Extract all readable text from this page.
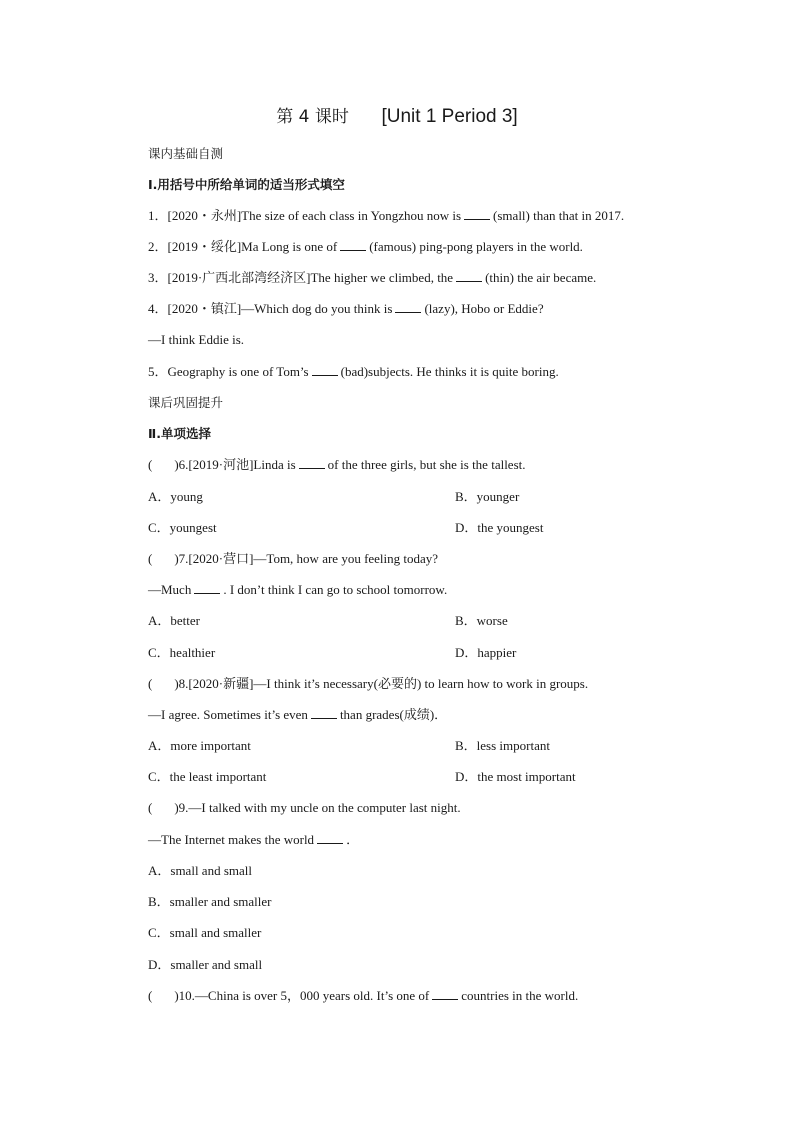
第 4 课时 [Unit 1 Period 3]
课内基础自测
Ⅰ.用括号中所给单词的适当形式填空
1．[2020・永州]The size of each class in Yongzhou now is (small) than that in 2017.
2．[2019・绥化]Ma Long is one of (famous) ping-pong players in the world.
3．[2019·广西北部湾经济区]The higher we climbed, the (thin) the air became.
4．[2020・镇江]—Which dog do you think is (lazy), Hobo or Eddie?
—I think Eddie is.
5．Geography is one of Tom’s (bad)subjects. He thinks it is quite boring.
课后巩固提升
Ⅱ.单项选择
( )6.[2019·河池]Linda is of the three girls, but she is the tallest.
A．young	B．younger
C．youngest	D．the youngest
( )7.[2020·营口]—Tom, how are you feeling today?
—Much . I don’t think I can go to school tomorrow.
A．better	B．worse
C．healthier	D．happier
( )8.[2020·新疆]—I think it’s necessary(必要的) to learn how to work in groups.
—I agree. Sometimes it’s even than grades(成绩)．
A．more important	B．less important
C．the least important	D．the most important
( )9.—I talked with my uncle on the computer last night.
—The Internet makes the world ．
A．small and small
B．smaller and smaller
C．small and smaller
D．smaller and small
( )10.—China is over 5，000 years old. It’s one of countries in the world.
